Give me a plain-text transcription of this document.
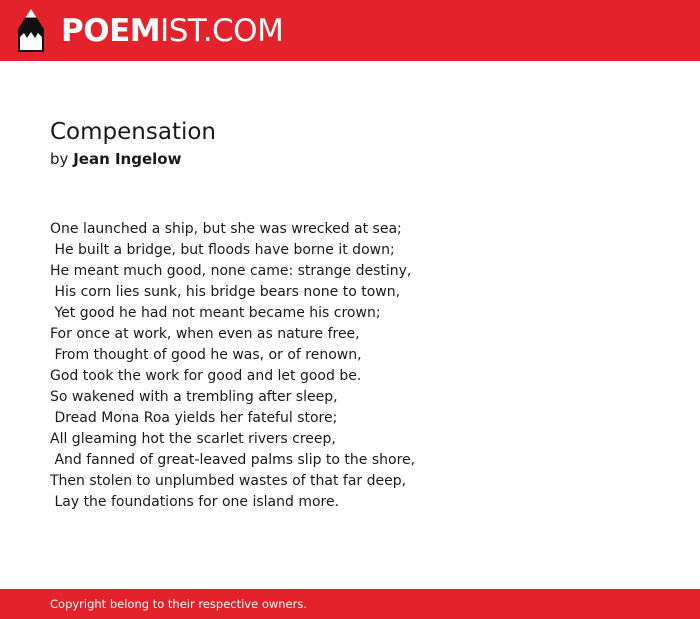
POEMIST.COM
Compensation
by Jean Ingelow
One launched a ship, but she was wrecked at sea;
He built a bridge, but floods have borne it down;
He meant much good, none came: strange destiny,
His corn lies sunk, his bridge bears none to town,
Yet good he had not meant became his crown;
For once at work, when even as nature free,
From thought of good he was, or of renown,
God took the work for good and let good be.
So wakened with a trembling after sleep,
Dread Mona Roa yields her fateful store;
All gleaming hot the scarlet rivers creep,
And fanned of great-leaved palms slip to the shore,
Then stolen to unplumbed wastes of that far deep,
Lay the foundations for one island more.
Copyright belong to their respective owners.
